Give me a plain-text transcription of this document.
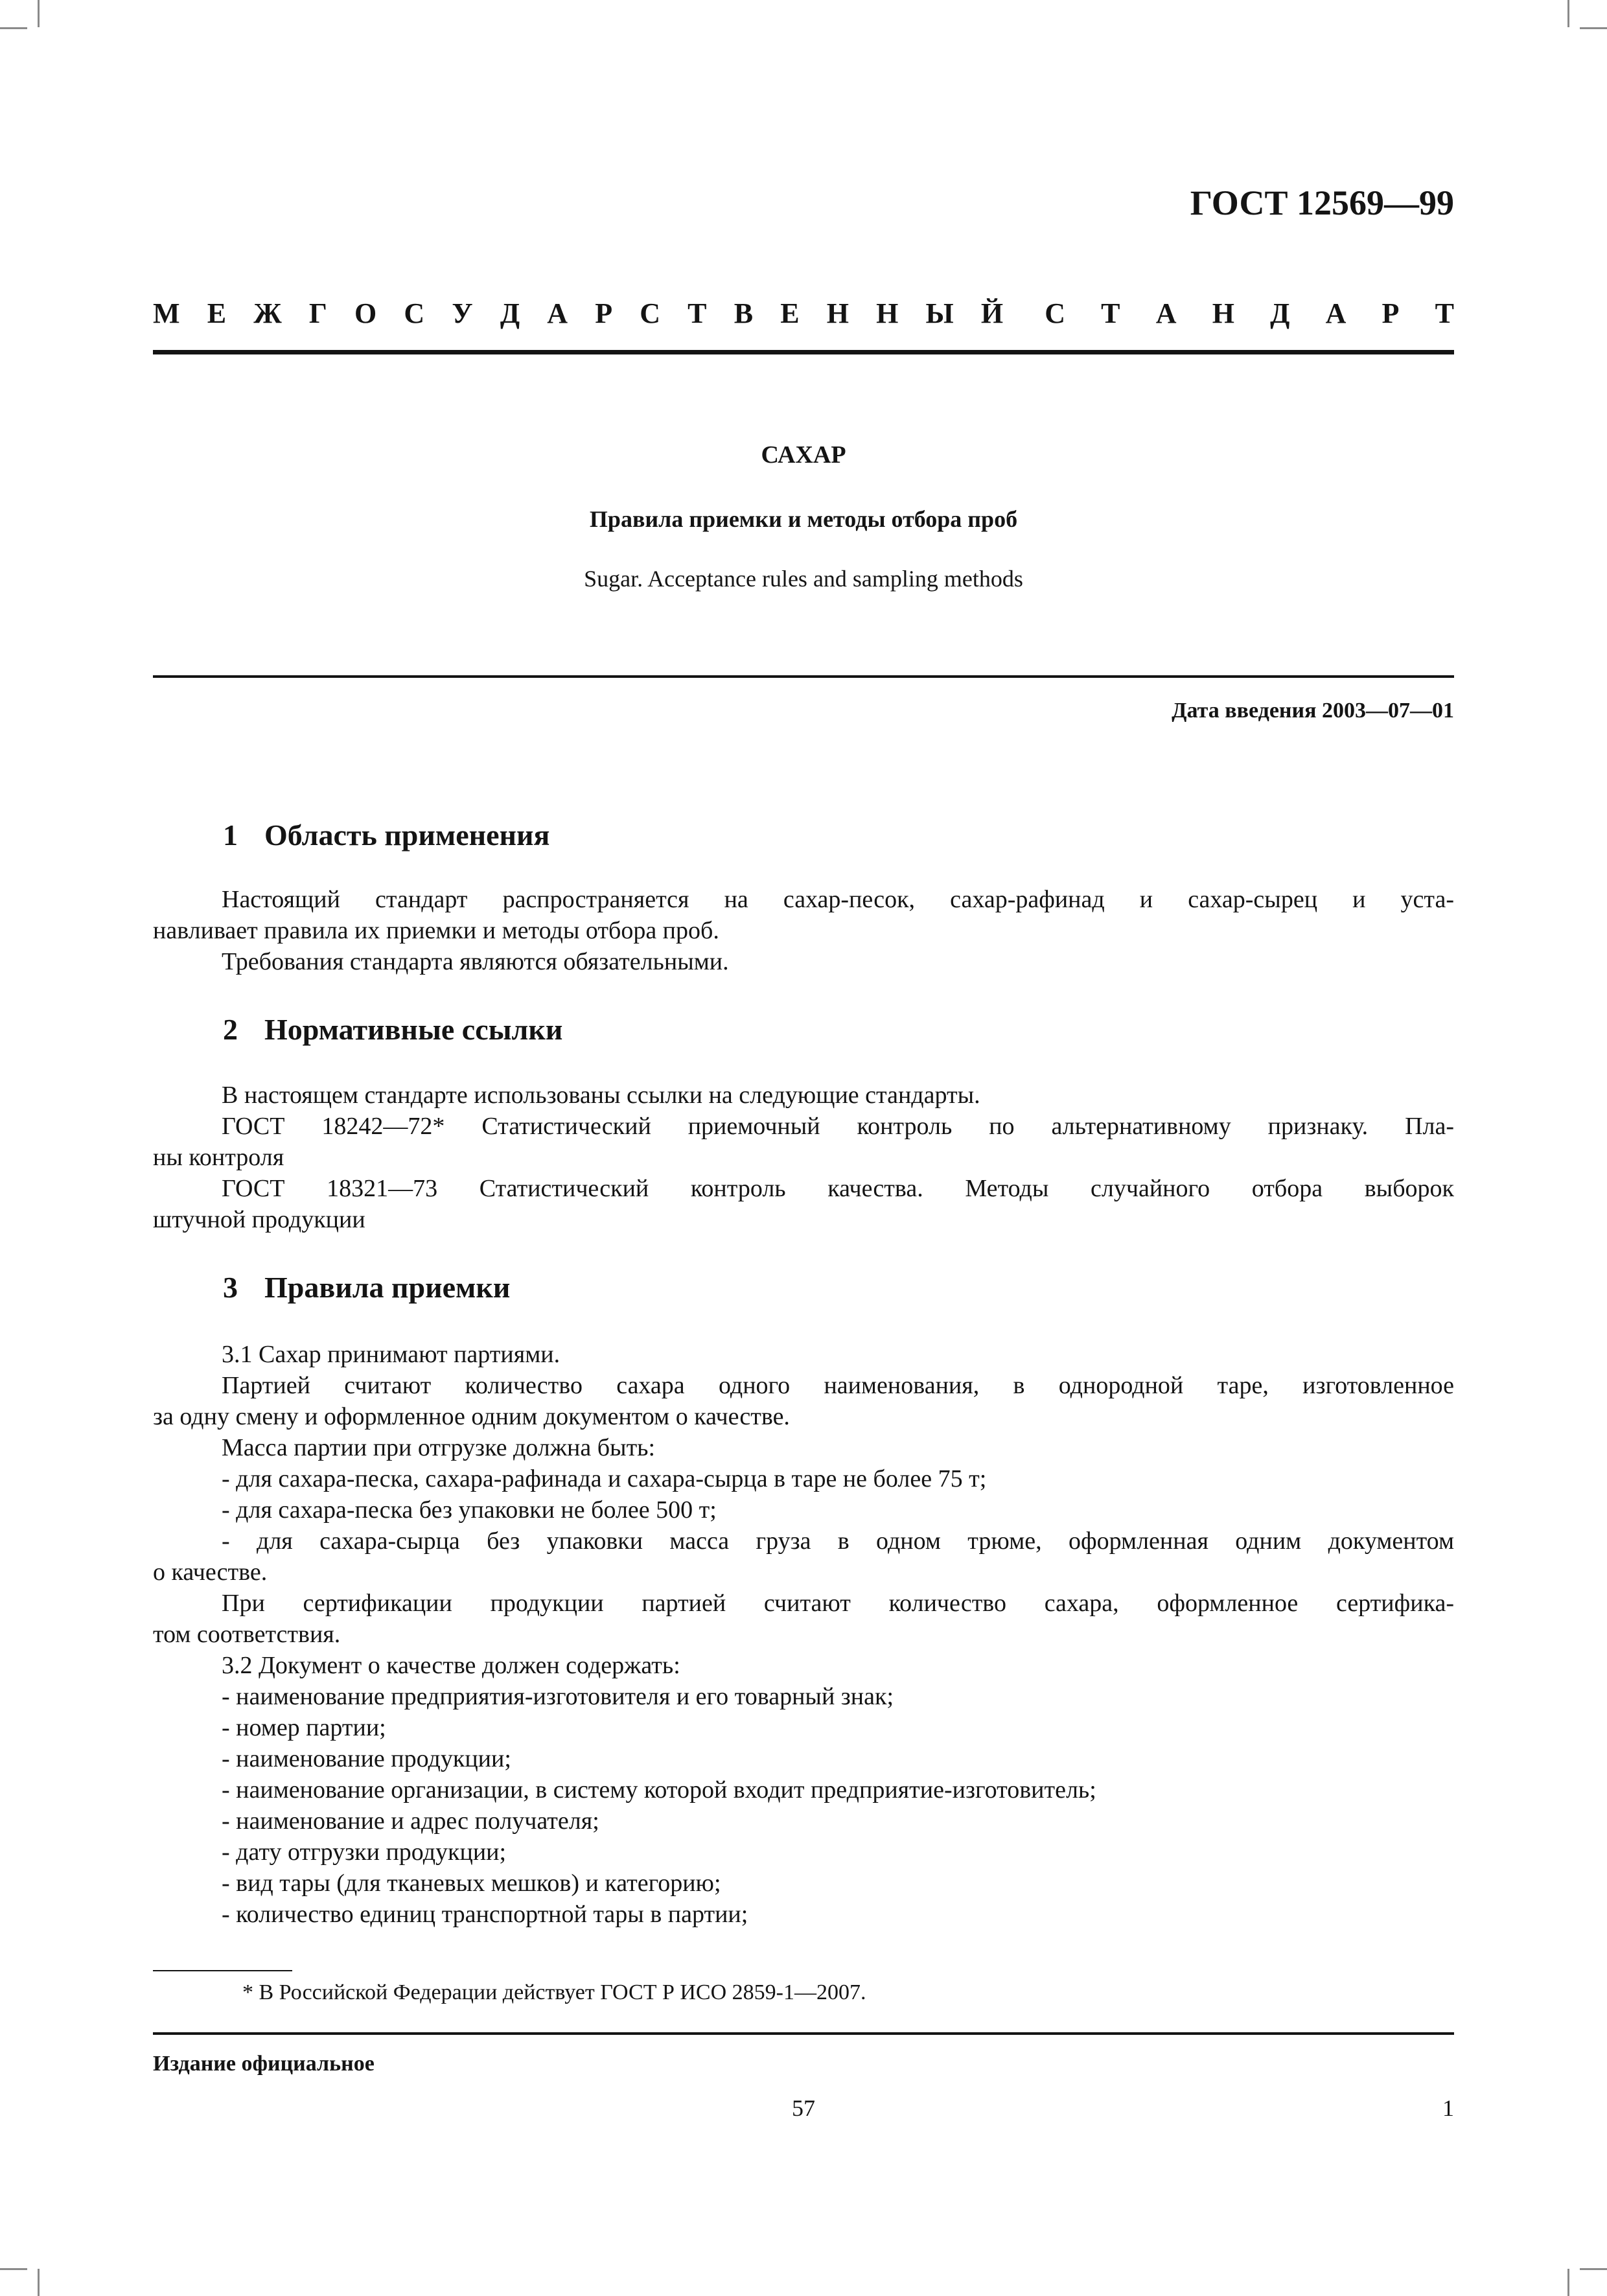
ГОСТ 12569—99
М Е Ж Г О С У Д А Р С Т В Е Н Н Ы Й С Т А Н Д А Р Т
САХАР
Правила приемки и методы отбора проб
Sugar. Acceptance rules and sampling methods
Дата введения 2003—07—01
1 Область применения

Настоящий стандарт распространяется на сахар-песок, сахар-рафинад и сахар-сырец и уста-

навливает правила их приемки и методы отбора проб.

Требования стандарта являются обязательными.

2 Нормативные ссылки

В настоящем стандарте использованы ссылки на следующие стандарты.

ГОСТ 18242—72* Статистический приемочный контроль по альтернативному признаку. Пла-

ны контроля

ГОСТ 18321—73 Статистический контроль качества. Методы случайного отбора выборок

штучной продукции

3 Правила приемки

3.1 Сахар принимают партиями.

Партией считают количество сахара одного наименования, в однородной таре, изготовленное

за одну смену и оформленное одним документом о качестве.

Масса партии при отгрузке должна быть:

- для сахара-песка, сахара-рафинада и сахара-сырца в таре не более 75 т;

- для сахара-песка без упаковки не более 500 т;

- для сахара-сырца без упаковки масса груза в одном трюме, оформленная одним документом

о качестве.

При сертификации продукции партией считают количество сахара, оформленное сертифика-

том соответствия.

3.2 Документ о качестве должен содержать:

- наименование предприятия-изготовителя и его товарный знак;

- номер партии;

- наименование продукции;

- наименование организации, в систему которой входит предприятие-изготовитель;

- наименование и адрес получателя;

- дату отгрузки продукции;

- вид тары (для тканевых мешков) и категорию;

- количество единиц транспортной тары в партии;

* В Российской Федерации действует ГОСТ Р ИСО 2859-1—2007.
Издание официальное
57	1
